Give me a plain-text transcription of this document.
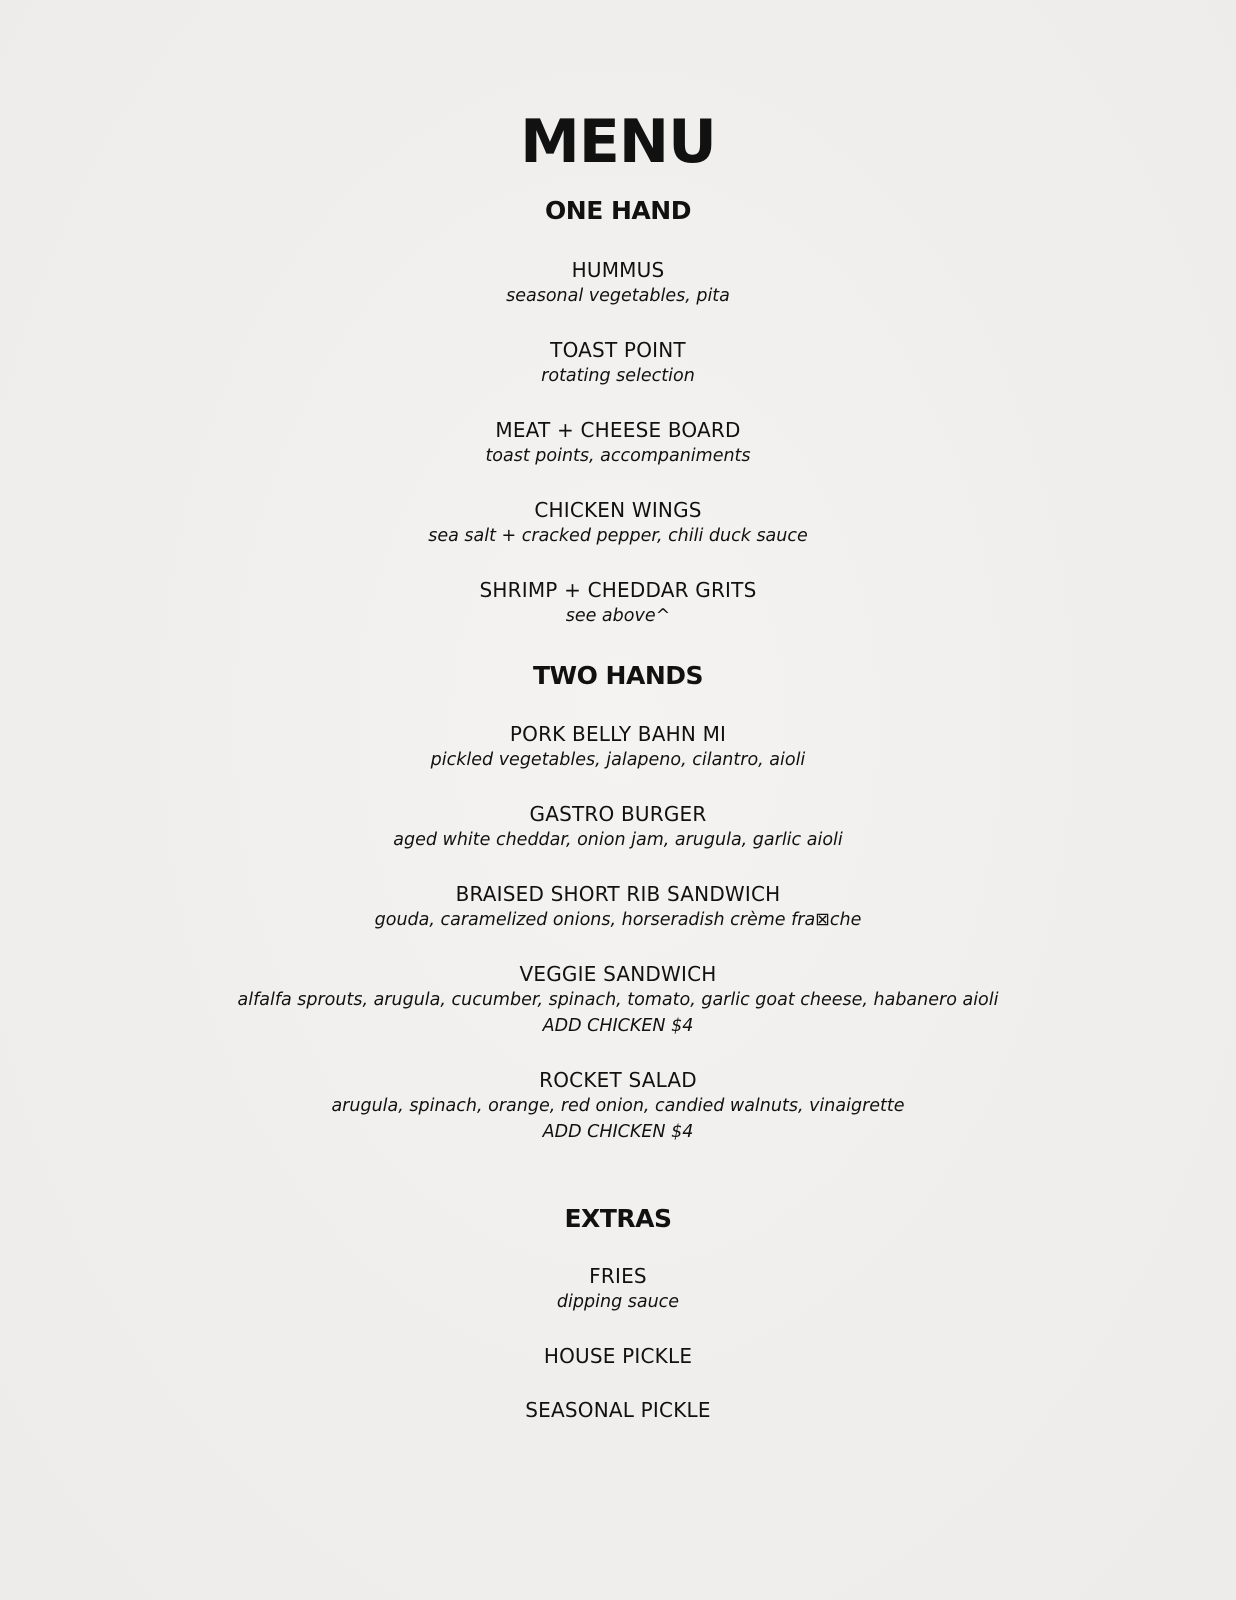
MENU
ONE HAND
HUMMUS
seasonal vegetables, pita
TOAST POINT
rotating selection
MEAT + CHEESE BOARD
toast points, accompaniments
CHICKEN WINGS
sea salt + cracked pepper, chili duck sauce
SHRIMP + CHEDDAR GRITS
see above^
TWO HANDS
PORK BELLY BAHN MI
pickled vegetables, jalapeno, cilantro, aioli
GASTRO BURGER
aged white cheddar, onion jam, arugula, garlic aioli
BRAISED SHORT RIB SANDWICH
gouda, caramelized onions, horseradish crème fra⊠che
VEGGIE SANDWICH
alfalfa sprouts, arugula, cucumber, spinach, tomato, garlic goat cheese, habanero aioli
ADD CHICKEN $4
ROCKET SALAD
arugula, spinach, orange, red onion, candied walnuts, vinaigrette
ADD CHICKEN $4
EXTRAS
FRIES
dipping sauce
HOUSE PICKLE
SEASONAL PICKLE
